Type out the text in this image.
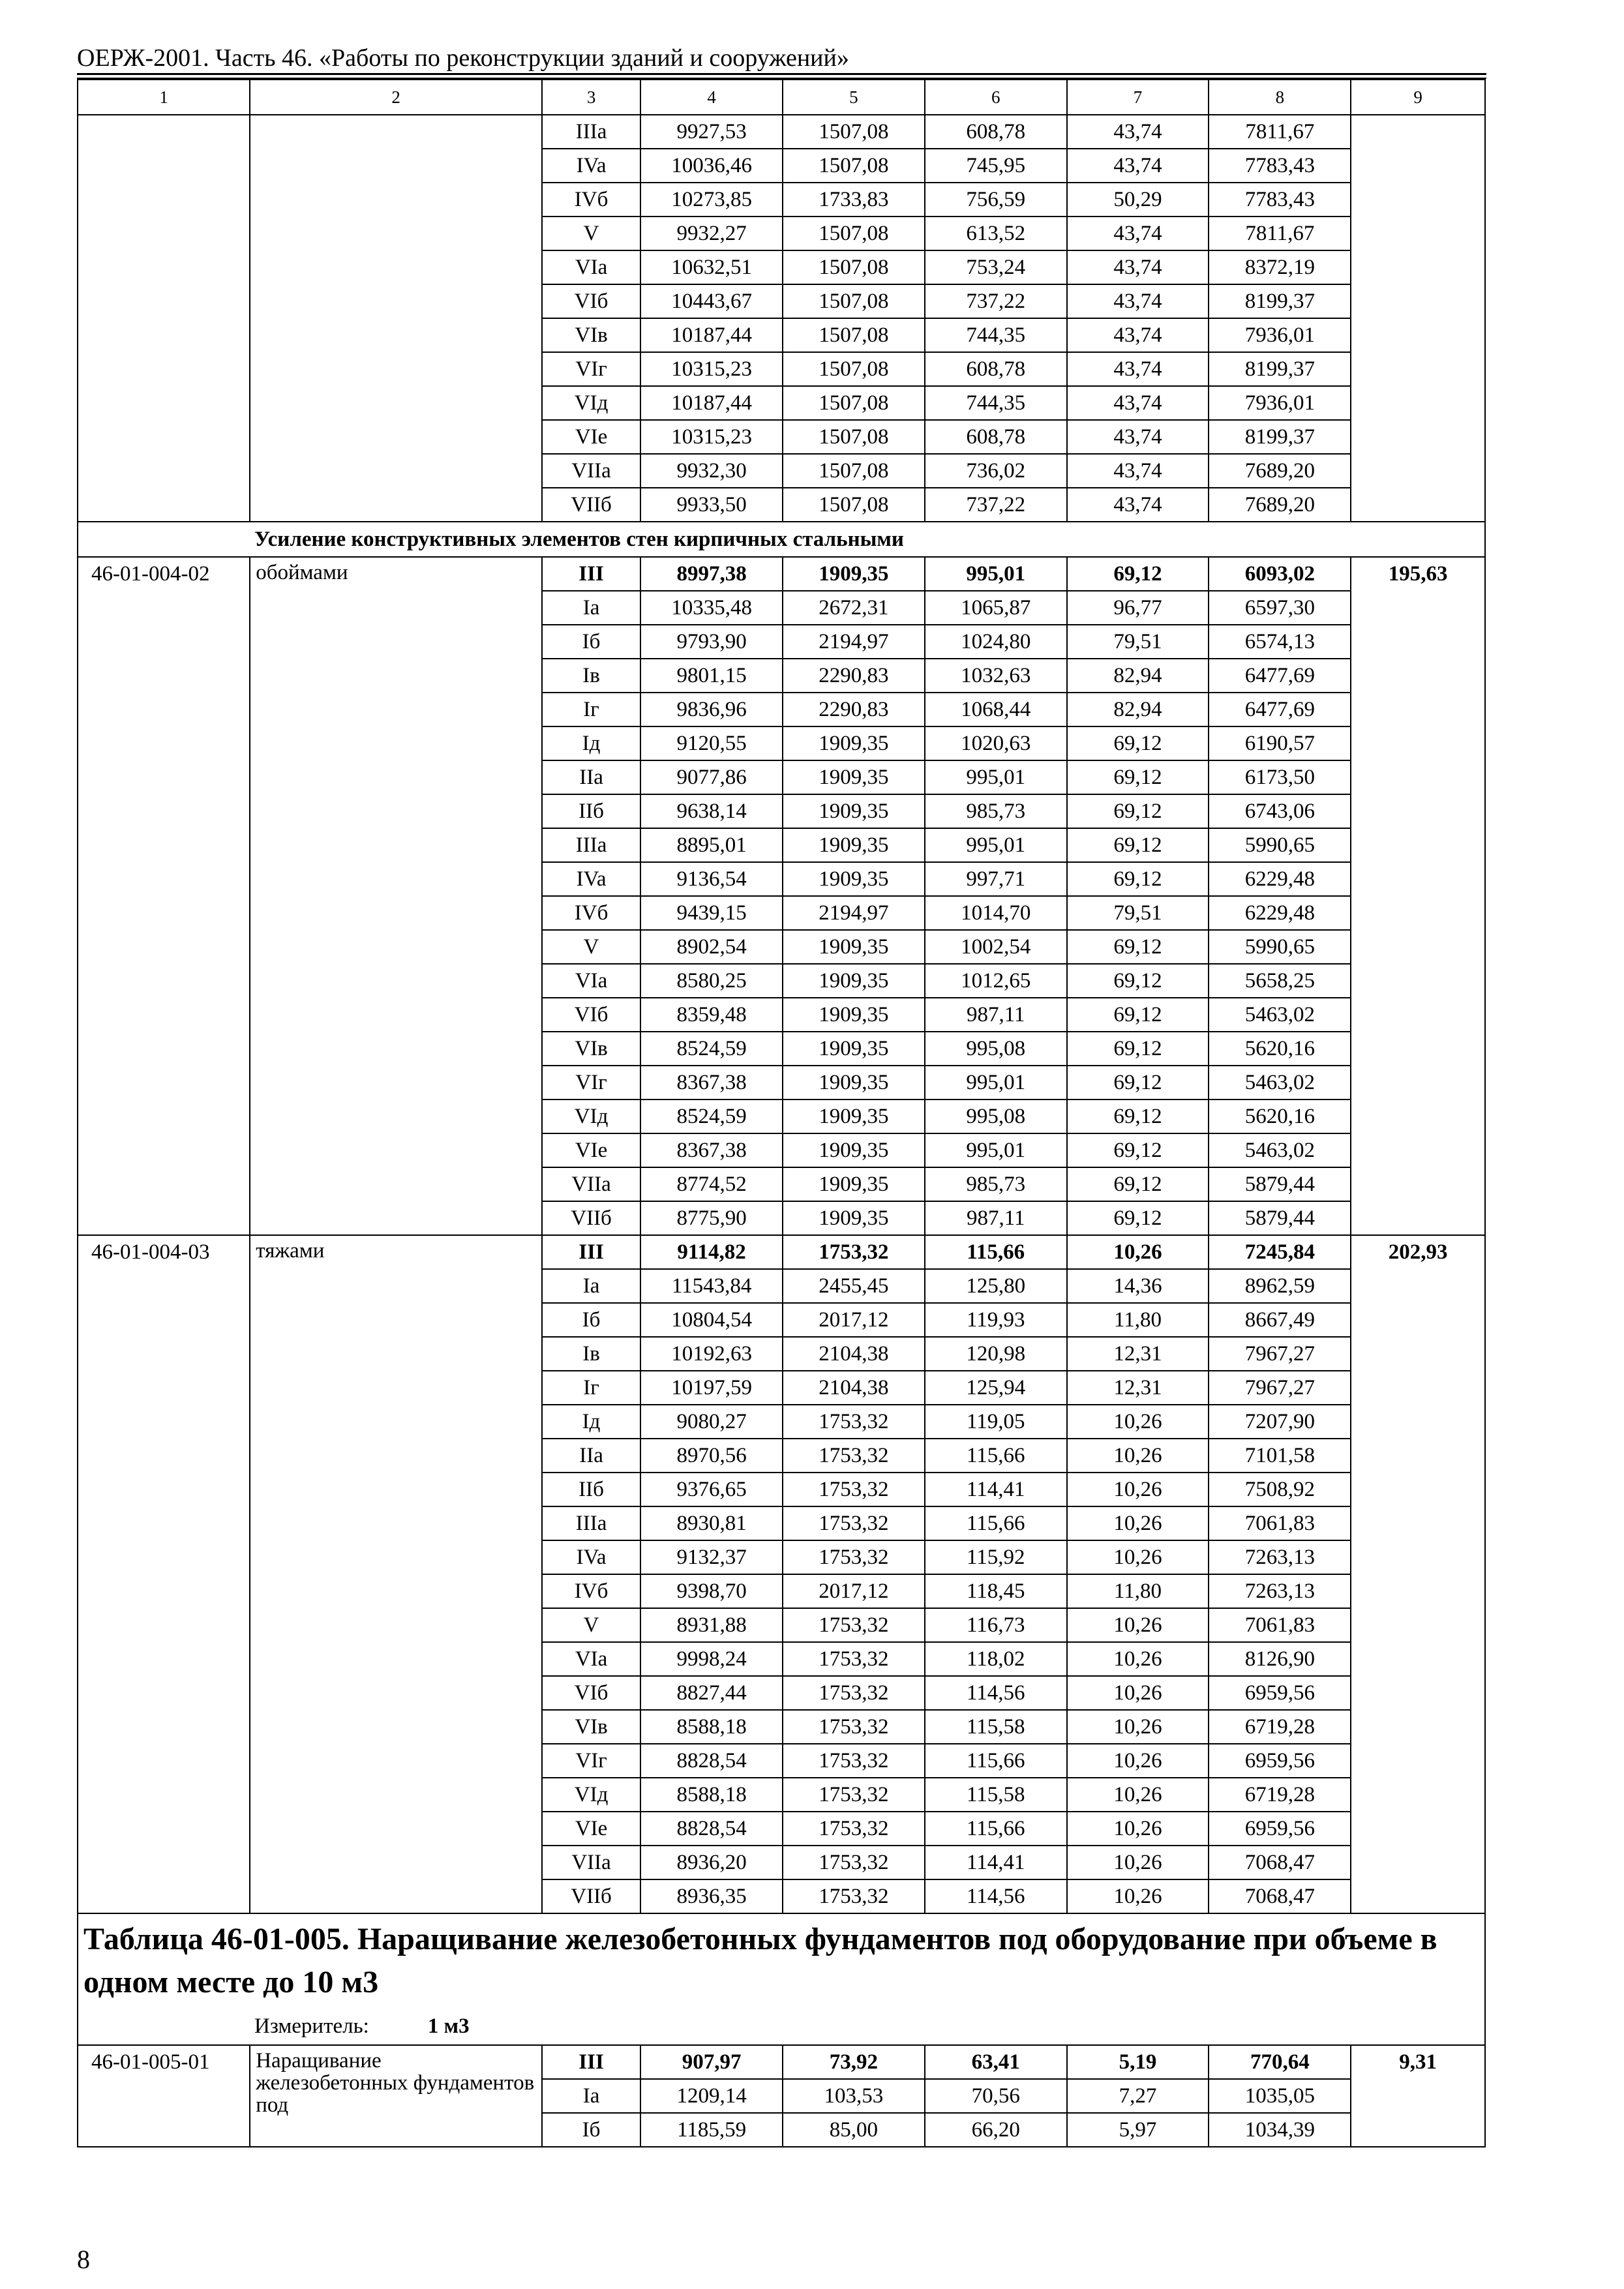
ОЕРЖ-2001. Часть 46. «Работы по реконструкции зданий и сооружений»
1	2	3	4	5	6	7	8	9
		IIIa	9927,53	1507,08	608,78	43,74	7811,67	
		IVa	10036,46	1507,08	745,95	43,74	7783,43	
		IVб	10273,85	1733,83	756,59	50,29	7783,43	
		V	9932,27	1507,08	613,52	43,74	7811,67	
		VIa	10632,51	1507,08	753,24	43,74	8372,19	
		VIб	10443,67	1507,08	737,22	43,74	8199,37	
		VIв	10187,44	1507,08	744,35	43,74	7936,01	
		VIг	10315,23	1507,08	608,78	43,74	8199,37	
		VIд	10187,44	1507,08	744,35	43,74	7936,01	
		VIе	10315,23	1507,08	608,78	43,74	8199,37	
		VIIa	9932,30	1507,08	736,02	43,74	7689,20	
		VIIб	9933,50	1507,08	737,22	43,74	7689,20	
Усиление конструктивных элементов стен кирпичных стальными								
46-01-004-02	обоймами	III	8997,38	1909,35	995,01	69,12	6093,02	195,63
		Ia	10335,48	2672,31	1065,87	96,77	6597,30	
		Iб	9793,90	2194,97	1024,80	79,51	6574,13	
		Iв	9801,15	2290,83	1032,63	82,94	6477,69	
		Iг	9836,96	2290,83	1068,44	82,94	6477,69	
		Iд	9120,55	1909,35	1020,63	69,12	6190,57	
		IIa	9077,86	1909,35	995,01	69,12	6173,50	
		IIб	9638,14	1909,35	985,73	69,12	6743,06	
		IIIa	8895,01	1909,35	995,01	69,12	5990,65	
		IVa	9136,54	1909,35	997,71	69,12	6229,48	
		IVб	9439,15	2194,97	1014,70	79,51	6229,48	
		V	8902,54	1909,35	1002,54	69,12	5990,65	
		VIa	8580,25	1909,35	1012,65	69,12	5658,25	
		VIб	8359,48	1909,35	987,11	69,12	5463,02	
		VIв	8524,59	1909,35	995,08	69,12	5620,16	
		VIг	8367,38	1909,35	995,01	69,12	5463,02	
		VIд	8524,59	1909,35	995,08	69,12	5620,16	
		VIе	8367,38	1909,35	995,01	69,12	5463,02	
		VIIa	8774,52	1909,35	985,73	69,12	5879,44	
		VIIб	8775,90	1909,35	987,11	69,12	5879,44	
46-01-004-03	тяжами	III	9114,82	1753,32	115,66	10,26	7245,84	202,93
		Ia	11543,84	2455,45	125,80	14,36	8962,59	
		Iб	10804,54	2017,12	119,93	11,80	8667,49	
		Iв	10192,63	2104,38	120,98	12,31	7967,27	
		Iг	10197,59	2104,38	125,94	12,31	7967,27	
		Iд	9080,27	1753,32	119,05	10,26	7207,90	
		IIa	8970,56	1753,32	115,66	10,26	7101,58	
		IIб	9376,65	1753,32	114,41	10,26	7508,92	
		IIIa	8930,81	1753,32	115,66	10,26	7061,83	
		IVa	9132,37	1753,32	115,92	10,26	7263,13	
		IVб	9398,70	2017,12	118,45	11,80	7263,13	
		V	8931,88	1753,32	116,73	10,26	7061,83	
		VIa	9998,24	1753,32	118,02	10,26	8126,90	
		VIб	8827,44	1753,32	114,56	10,26	6959,56	
		VIв	8588,18	1753,32	115,58	10,26	6719,28	
		VIг	8828,54	1753,32	115,66	10,26	6959,56	
		VIд	8588,18	1753,32	115,58	10,26	6719,28	
		VIе	8828,54	1753,32	115,66	10,26	6959,56	
		VIIa	8936,20	1753,32	114,41	10,26	7068,47	
		VIIб	8936,35	1753,32	114,56	10,26	7068,47	
Таблица 46-01-005. Наращивание железобетонных фундаментов под оборудование при объеме в одном месте до 10 м3								
Измеритель: 1 м3								
46-01-005-01	Наращивание железобетонных фундаментов под	III	907,97	73,92	63,41	5,19	770,64	9,31
		Ia	1209,14	103,53	70,56	7,27	1035,05	
		Iб	1185,59	85,00	66,20	5,97	1034,39	
8
